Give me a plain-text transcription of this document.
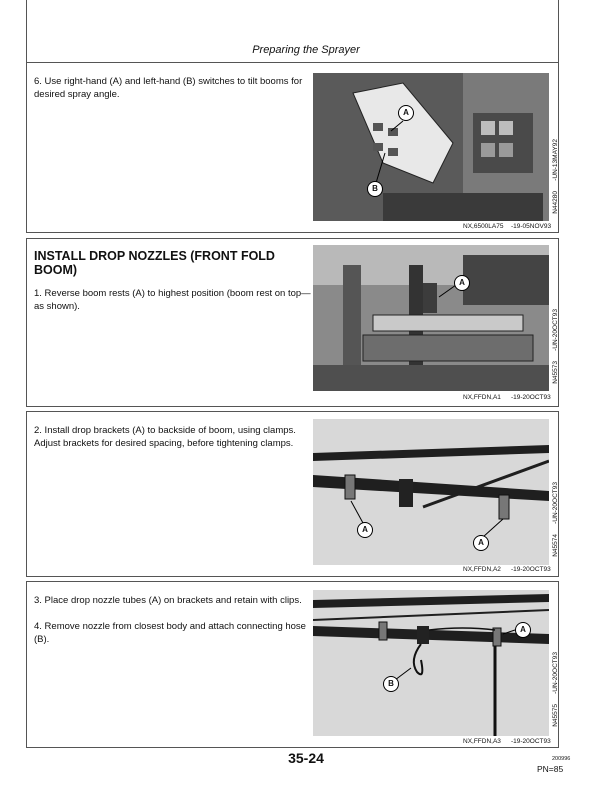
Preparing the Sprayer

6. Use right-hand (A) and left-hand (B) switches to tilt booms for desired spray angle.

A
B
-UN-13MAY92
N44280
NX,6500LA75 -19-05NOV93
INSTALL DROP NOZZLES (FRONT FOLD BOOM)

1. Reverse boom rests (A) to highest position (boom rest on top—as shown).

A
-UN-20OCT93
N45573
NX,FFDN,A1 -19-20OCT93

2. Install drop brackets (A) to backside of boom, using clamps. Adjust brackets for desired spacing, before tightening clamps.

A
A
-UN-20OCT93
N45574
NX,FFDN,A2 -19-20OCT93

3. Place drop nozzle tubes (A) on brackets and retain with clips.

4. Remove nozzle from closest body and attach connecting hose (B).

A
B	-UN-20OCT93
N45575
NX,FFDN,A3 -19-20OCT93
35-24	200996
PN=85
